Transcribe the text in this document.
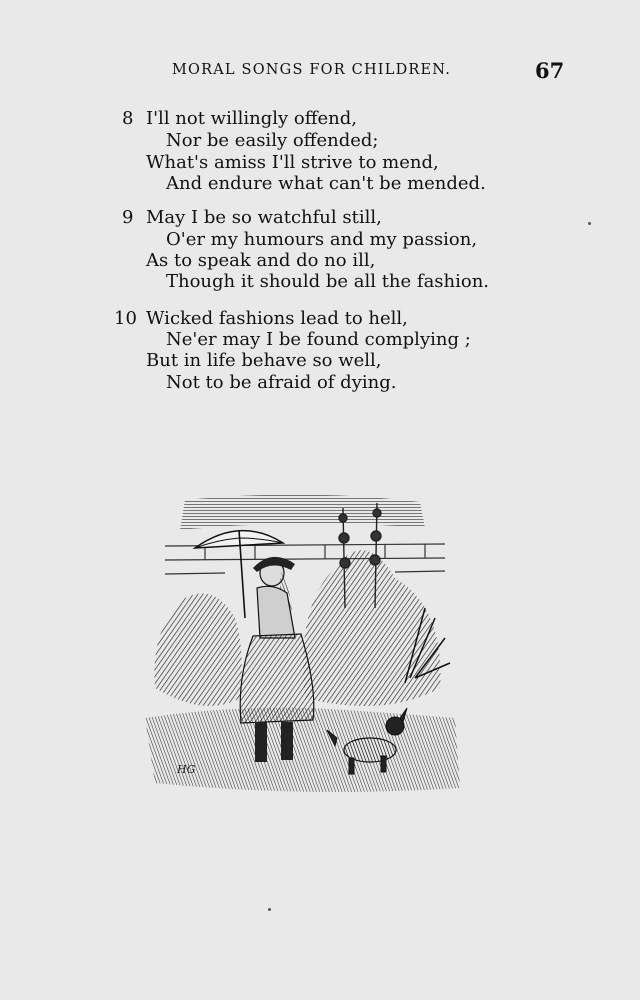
MORAL SONGS FOR CHILDREN.	67
8 I'll not willingly offend,
Nor be easily offended;
What's amiss I'll strive to mend,
And endure what can't be mended.
9 May I be so watchful still,
O'er my humours and my passion,
As to speak and do no ill,
Though it should be all the fashion.
10 Wicked fashions lead to hell,
Ne'er may I be found complying ;
But in life behave so well,
Not to be afraid of dying.
HG
